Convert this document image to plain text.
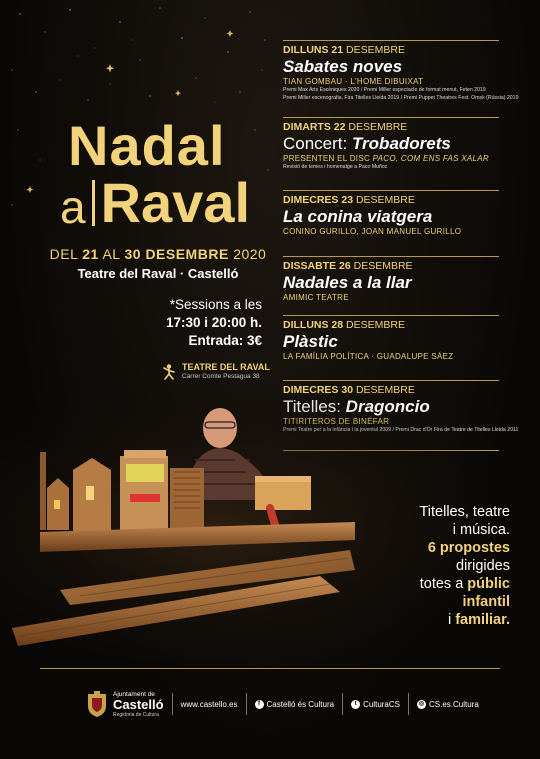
Nadal
a Raval
DEL 21 AL 30 DESEMBRE 2020
Teatre del Raval · Castelló
*Sessions a les
17:30 i 20:00 h.
Entrada: 3€
TEATRE DEL RAVAL
Carrer Comte Pestagua 38
DILLUNS 21 DESEMBRE
Sabates noves
TIAN GOMBAU · L'HOME DIBUIXAT
Premi Max Arts Escèniques 2020 / Premi Miller espectacle de format menut, Feten 2019
Premi Miller escenografia, Fira Titelles Lleida 2019 / Premi Puppet Theatres Fest. Omsk (Rússia) 2019
DIMARTS 22 DESEMBRE
Concert: Trobadorets
PRESENTEN EL DISC PACO, COM ENS FAS XALAR
Revisió de temes i homenatge a Paco Muñoz
DIMECRES 23 DESEMBRE
La conina viatgera
CONINO GURILLO, JOAN MANUEL GURILLO
DISSABTE 26 DESEMBRE
Nadales a la llar
AMIMIC TEATRE
DILLUNS 28 DESEMBRE
Plàstic
LA FAMÍLIA POLÍTICA · GUADALUPE SÁEZ
DIMECRES 30 DESEMBRE
Titelles, teatre
i música.
6 propostes
dirigides
totes a públic
infantil
i familiar.
Ajuntament de
Castelló
Regidoria de Cultura
www.castello.es	f Castelló és Cultura	t CulturaCS	◎ CS.es.Cultura
